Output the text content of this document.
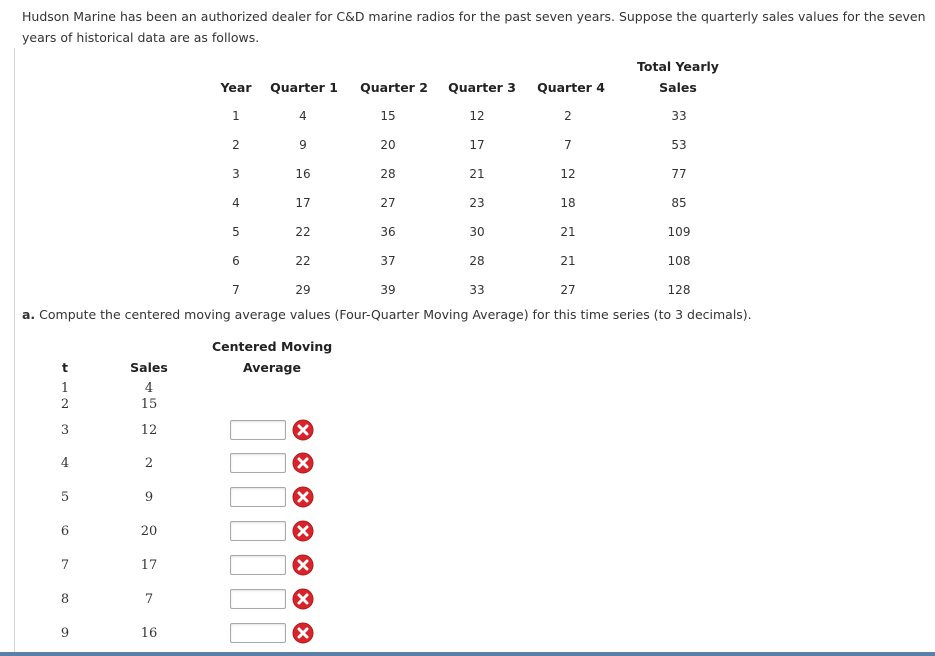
Hudson Marine has been an authorized dealer for C&D marine radios for the past seven years. Suppose the quarterly sales values for the seven years of historical data are as follows.
Year	Quarter 1	Quarter 2	Quarter 3	Quarter 4
Total Yearly
Sales
1	4	15	12	2	33
2	9	20	17	7	53
3	16	28	21	12	77
4	17	27	23	18	85
5	22	36	30	21	109
6	22	37	28	21	108
7	29	39	33	27	128
a. Compute the centered moving average values (Four-Quarter Moving Average) for this time series (to 3 decimals).
Centered Moving
Average
t	Sales
1	4
2	15
3	12
4	2
5	9
6	20
7	17
8	7
9	16
